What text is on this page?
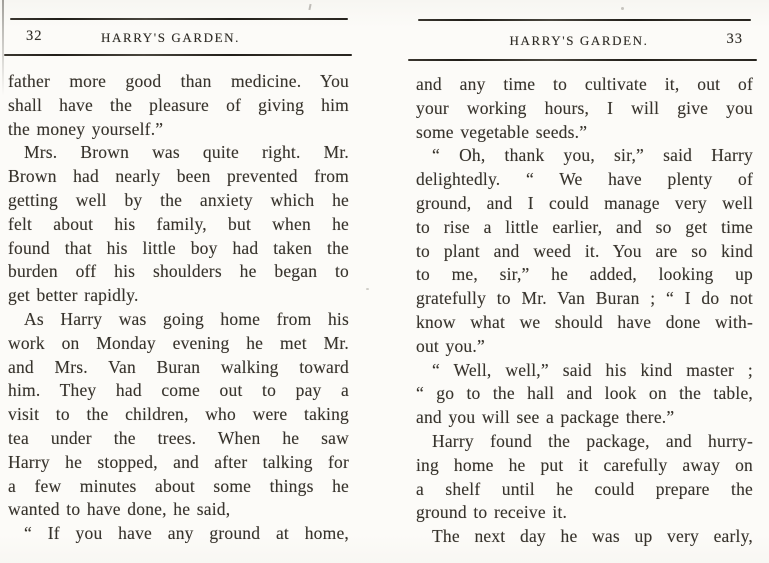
32	HARRY'S GARDEN.
father more good than medicine. You
shall have the pleasure of giving him
the money yourself.”
Mrs. Brown was quite right. Mr.
Brown had nearly been prevented from
getting well by the anxiety which he
felt about his family, but when he
found that his little boy had taken the
burden off his shoulders he began to
get better rapidly.
As Harry was going home from his
work on Monday evening he met Mr.
and Mrs. Van Buran walking toward
him. They had come out to pay a
visit to the children, who were taking
tea under the trees. When he saw
Harry he stopped, and after talking for
a few minutes about some things he
wanted to have done, he said,
“ If you have any ground at home,
HARRY'S GARDEN.	33
and any time to cultivate it, out of
your working hours, I will give you
some vegetable seeds.”
“ Oh, thank you, sir,” said Harry
delightedly. “ We have plenty of
ground, and I could manage very well
to rise a little earlier, and so get time
to plant and weed it. You are so kind
to me, sir,” he added, looking up
gratefully to Mr. Van Buran ; “ I do not
know what we should have done with-
out you.”
“ Well, well,” said his kind master ;
“ go to the hall and look on the table,
and you will see a package there.”
Harry found the package, and hurry-
ing home he put it carefully away on
a shelf until he could prepare the
ground to receive it.
The next day he was up very early,
